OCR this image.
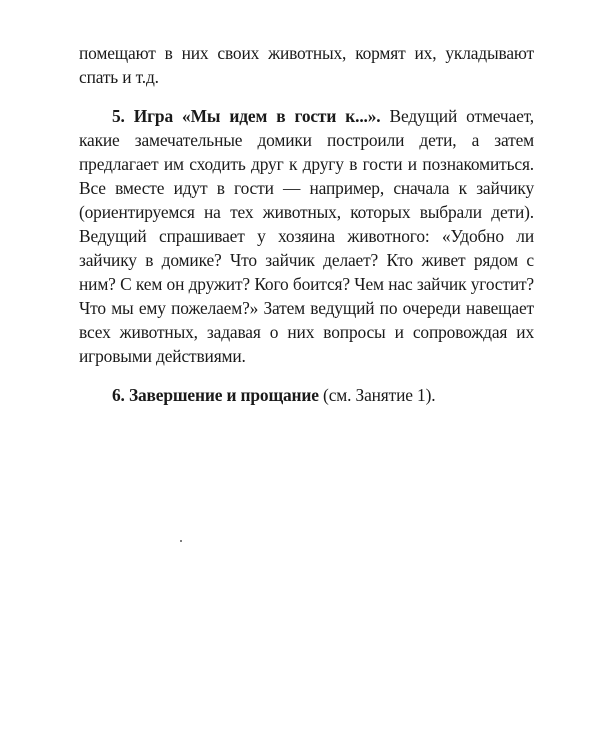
помещают в них своих животных, кормят их, укладывают спать и т.д.

5. Игра «Мы идем в гости к...». Ведущий отмечает, какие замечательные домики построили дети, а затем предлагает им сходить друг к другу в гости и познакомиться. Все вместе идут в гости — например, сначала к зайчику (ориентируемся на тех животных, которых выбрали дети). Ведущий спрашивает у хозяина животного: «Удобно ли зайчику в домике? Что зайчик делает? Кто живет рядом с ним? С кем он дружит? Кого боится? Чем нас зайчик угостит? Что мы ему пожелаем?» Затем ведущий по очереди навещает всех животных, задавая о них вопросы и сопровождая их игровыми действиями.

6. Завершение и прощание (см. Занятие 1).
